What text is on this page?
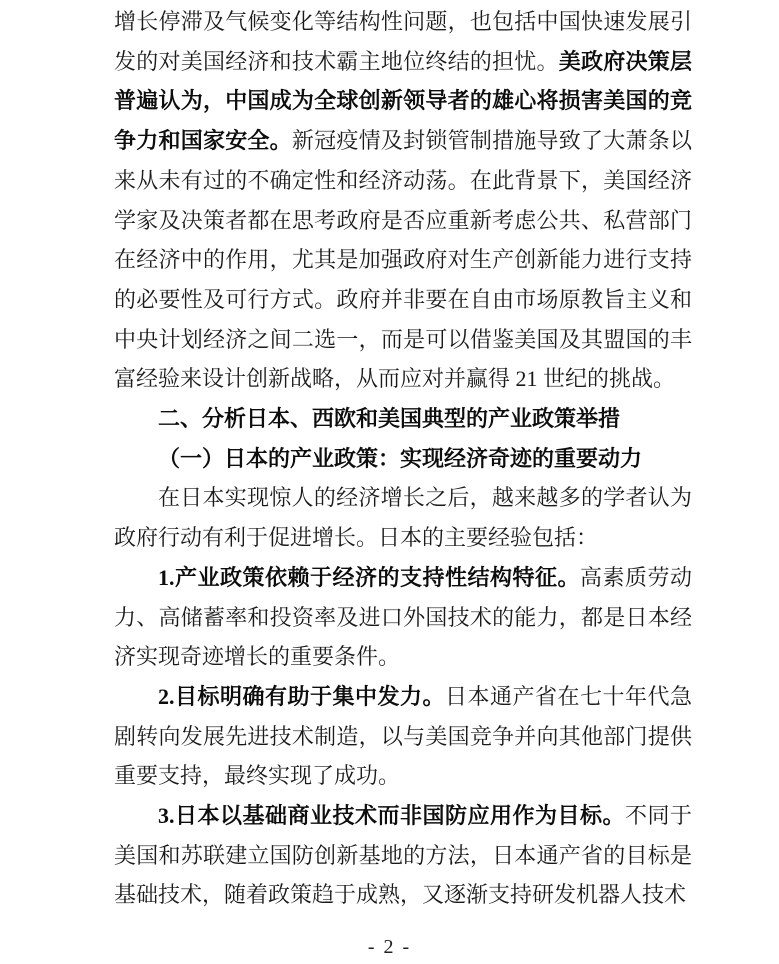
增长停滞及气候变化等结构性问题，也包括中国快速发展引发的对美国经济和技术霸主地位终结的担忧。美政府决策层普遍认为，中国成为全球创新领导者的雄心将损害美国的竞争力和国家安全。新冠疫情及封锁管制措施导致了大萧条以来从未有过的不确定性和经济动荡。在此背景下，美国经济学家及决策者都在思考政府是否应重新考虑公共、私营部门在经济中的作用，尤其是加强政府对生产创新能力进行支持的必要性及可行方式。政府并非要在自由市场原教旨主义和中央计划经济之间二选一，而是可以借鉴美国及其盟国的丰富经验来设计创新战略，从而应对并赢得 21 世纪的挑战。

二、分析日本、西欧和美国典型的产业政策举措

（一）日本的产业政策：实现经济奇迹的重要动力

在日本实现惊人的经济增长之后，越来越多的学者认为政府行动有利于促进增长。日本的主要经验包括：

1.产业政策依赖于经济的支持性结构特征。高素质劳动力、高储蓄率和投资率及进口外国技术的能力，都是日本经济实现奇迹增长的重要条件。

2.目标明确有助于集中发力。日本通产省在七十年代急剧转向发展先进技术制造，以与美国竞争并向其他部门提供重要支持，最终实现了成功。

3.日本以基础商业技术而非国防应用作为目标。不同于美国和苏联建立国防创新基地的方法，日本通产省的目标是基础技术，随着政策趋于成熟，又逐渐支持研发机器人技术

- 2 -
